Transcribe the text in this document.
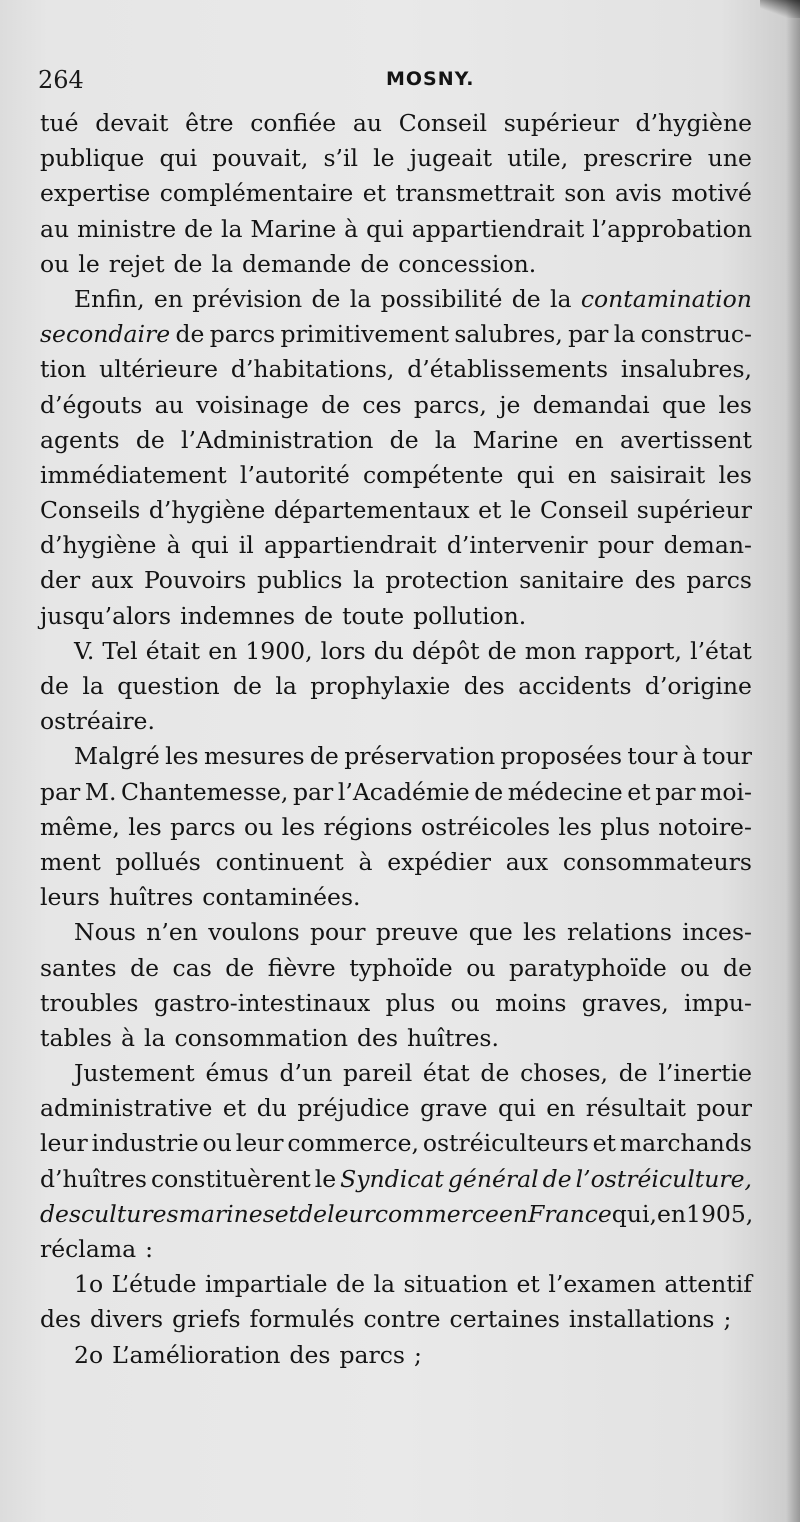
264	MOSNY.
tué devait être confiée au Conseil supérieur d’hygiène
publique qui pouvait, s’il le jugeait utile, prescrire une
expertise complémentaire et transmettrait son avis motivé
au ministre de la Marine à qui appartiendrait l’approbation
ou le rejet de la demande de concession.
Enfin, en prévision de la possibilité de la contamination
secondaire de parcs primitivement salubres, par la construc-
tion ultérieure d’habitations, d’établissements insalubres,
d’égouts au voisinage de ces parcs, je demandai que les
agents de l’Administration de la Marine en avertissent
immédiatement l’autorité compétente qui en saisirait les
Conseils d’hygiène départementaux et le Conseil supérieur
d’hygiène à qui il appartiendrait d’intervenir pour deman-
der aux Pouvoirs publics la protection sanitaire des parcs
jusqu’alors indemnes de toute pollution.
V. Tel était en 1900, lors du dépôt de mon rapport, l’état
de la question de la prophylaxie des accidents d’origine
ostréaire.
Malgré les mesures de préservation proposées tour à tour
par M. Chantemesse, par l’Académie de médecine et par moi-
même, les parcs ou les régions ostréicoles les plus notoire-
ment pollués continuent à expédier aux consommateurs
leurs huîtres contaminées.
Nous n’en voulons pour preuve que les relations inces-
santes de cas de fièvre typhoïde ou paratyphoïde ou de
troubles gastro-intestinaux plus ou moins graves, impu-
tables à la consommation des huîtres.
Justement émus d’un pareil état de choses, de l’inertie
administrative et du préjudice grave qui en résultait pour
leur industrie ou leur commerce, ostréiculteurs et marchands
d’huîtres constituèrent le Syndicat général de l’ostréiculture,
des cultures marines et de leur commerce en France qui, en 1905,
réclama :
1o L’étude impartiale de la situation et l’examen attentif
des divers griefs formulés contre certaines installations ;
2o L’amélioration des parcs ;
